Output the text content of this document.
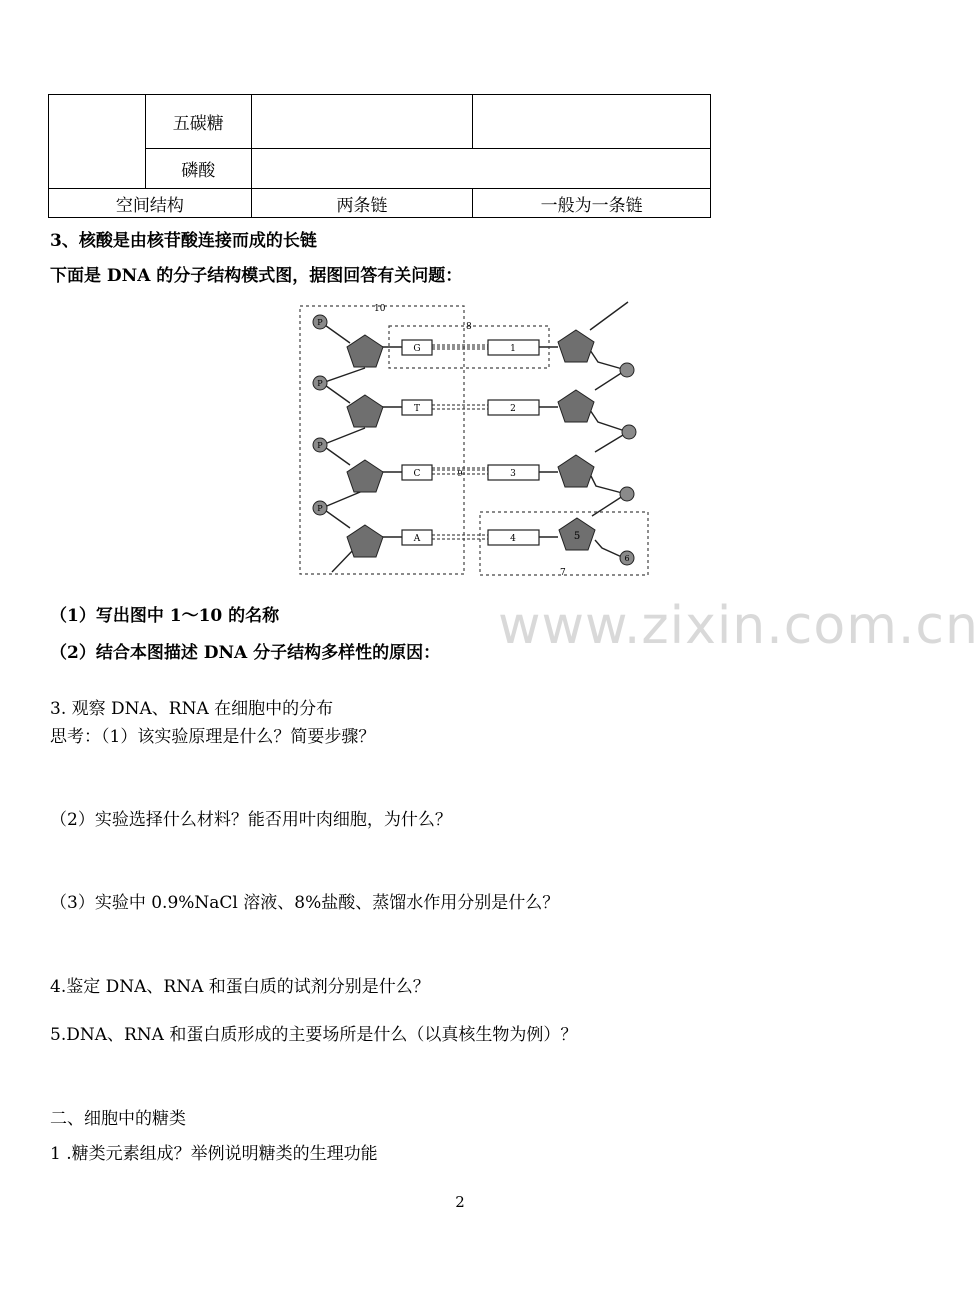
	五碳糖		
	磷酸		
空间结构		两条链	一般为一条链
3、核酸是由核苷酸连接而成的长链
下面是 DNA 的分子结构模式图，据图回答有关问题：
10
8
7
P
P
P
P
G
T
C
A
1
2
3
4
9
5
6
（1）写出图中 1～10 的名称	www.zixin.com.cn
（2）结合本图描述 DNA 分子结构多样性的原因：
3. 观察 DNA、RNA 在细胞中的分布
思考：（1）该实验原理是什么？简要步骤？
（2）实验选择什么材料？能否用叶肉细胞，为什么？
（3）实验中 0.9%NaCl 溶液、8%盐酸、蒸馏水作用分别是什么？
4.鉴定 DNA、RNA 和蛋白质的试剂分别是什么？
5.DNA、RNA 和蛋白质形成的主要场所是什么（以真核生物为例）？
二、细胞中的糖类
1 .糖类元素组成？举例说明糖类的生理功能
2
